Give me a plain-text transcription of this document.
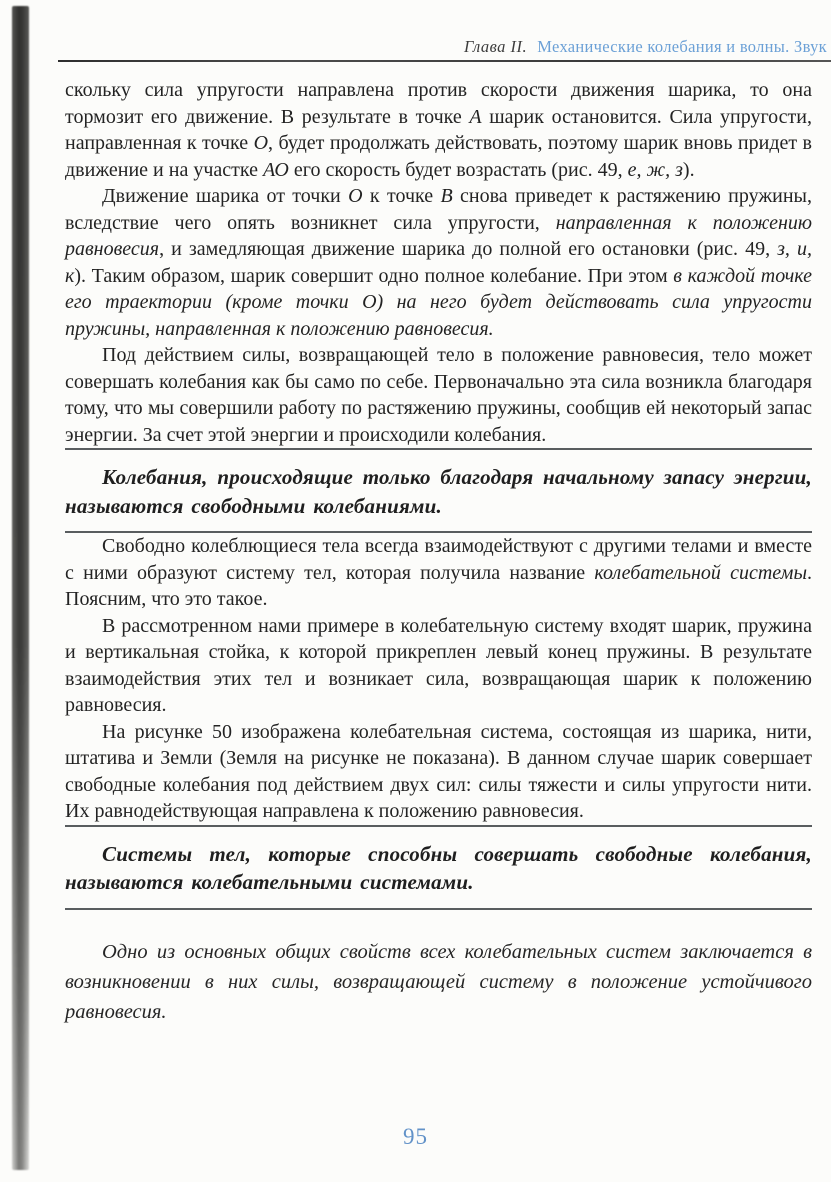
Глава II. Механические колебания и волны. Звук

скольку сила упругости направлена против скорости движения шарика, то она тормозит его движение. В результате в точке А шарик остановится. Сила упругости, направленная к точке О, будет продолжать действовать, поэтому шарик вновь придет в движение и на участке АО его скорость будет возрастать (рис. 49, е, ж, з).

Движение шарика от точки О к точке В снова приведет к растяжению пружины, вследствие чего опять возникнет сила упругости, направленная к положению равновесия, и замедляющая движение шарика до полной его остановки (рис. 49, з, и, к). Таким образом, шарик совершит одно полное колебание. При этом в каждой точке его траектории (кроме точки О) на него будет действовать сила упругости пружины, направленная к положению равновесия.

Под действием силы, возвращающей тело в положение равновесия, тело может совершать колебания как бы само по себе. Первоначально эта сила возникла благодаря тому, что мы совершили работу по растяжению пружины, сообщив ей некоторый запас энергии. За счет этой энергии и происходили колебания.

Колебания, происходящие только благодаря начальному запасу энергии, называются свободными колебаниями.

Свободно колеблющиеся тела всегда взаимодействуют с другими телами и вместе с ними образуют систему тел, которая получила название колебательной системы. Поясним, что это такое.

В рассмотренном нами примере в колебательную систему входят шарик, пружина и вертикальная стойка, к которой прикреплен левый конец пружины. В результате взаимодействия этих тел и возникает сила, возвращающая шарик к положению равновесия.

На рисунке 50 изображена колебательная система, состоящая из шарика, нити, штатива и Земли (Земля на рисунке не показана). В данном случае шарик совершает свободные колебания под действием двух сил: силы тяжести и силы упругости нити. Их равнодействующая направлена к положению равновесия.

Системы тел, которые способны совершать свободные колебания, называются колебательными системами.

Одно из основных общих свойств всех колебательных систем заключается в возникновении в них силы, возвращающей систему в положение устойчивого равновесия.

95
